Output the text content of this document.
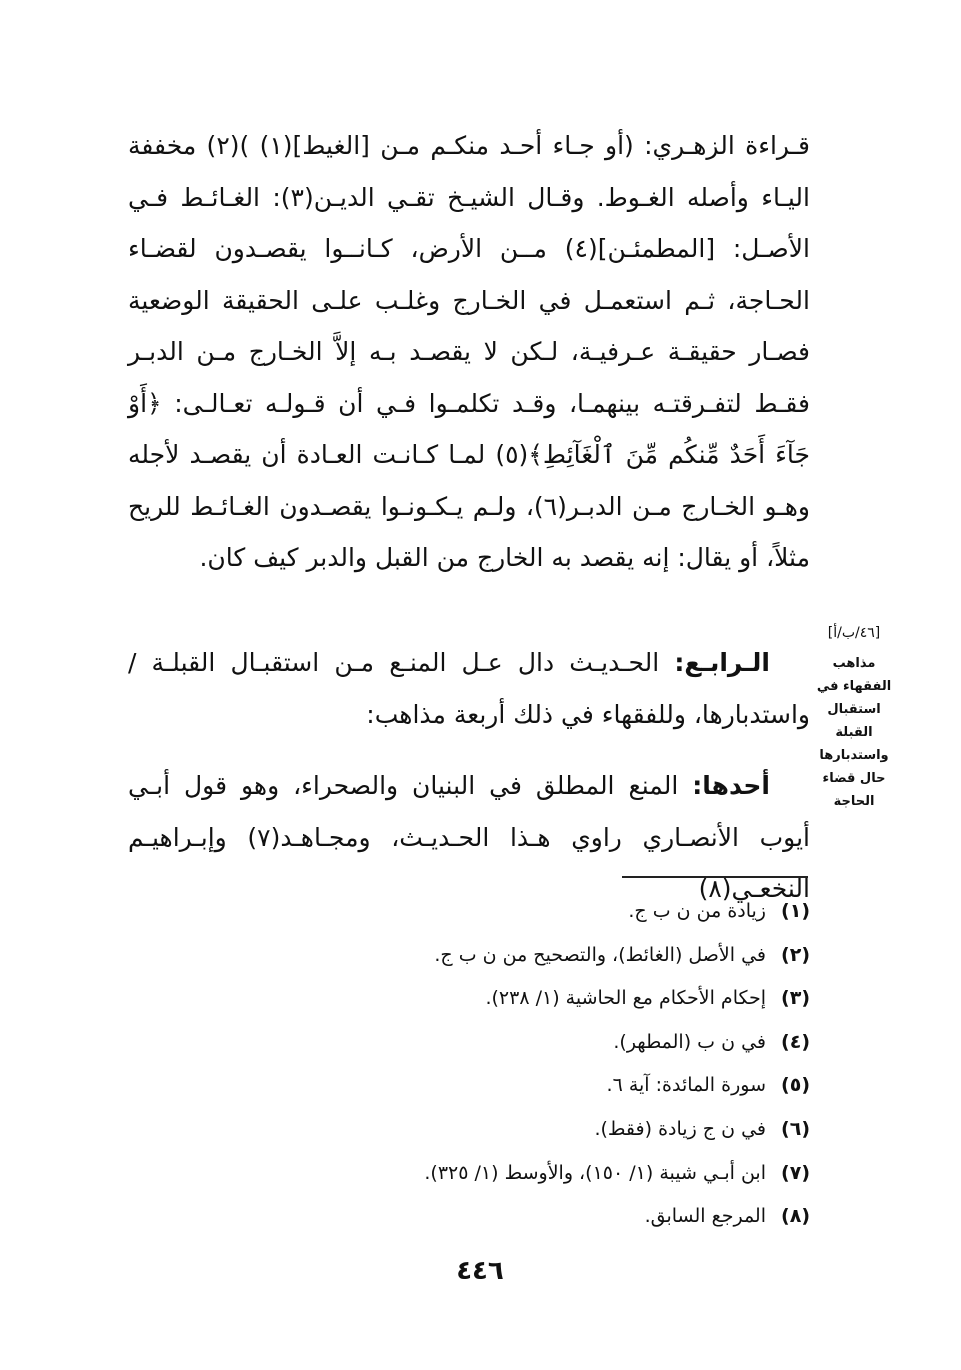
قـراءة الزهـري: (أو جـاء أحـد منكـم مـن [الغيط](١) )(٢) مخففة اليـاء وأصله الغـوط. وقـال الشيـخ تقـي الديـن(٣): الغـائـط فـي الأصـل: [المطمئـن](٤) مــن الأرض، كـانــوا يقصـدون لقضـاء الحـاجة، ثـم استعمـل في الخـارج وغلـب علـى الحقيقة الوضعية فصـار حقيقـة عـرفيـة، لـكن لا يقصـد بـه إلاَّ الخـارج مـن الدبـر فقـط لتفـرقتـه بينهمـا، وقـد تكلمـوا فـي أن قـولـه تعـالـى: ﴿أَوْ جَآءَ أَحَدٌ مِّنكُم مِّنَ ٱلْغَآئِطِ﴾(٥) لمـا كـانـت العـادة أن يقصـد لأجله وهـو الخـارج مـن الدبـر(٦)، ولـم يـكـونـوا يقصـدون الغـائـط للريح مثلاً، أو يقال: إنه يقصد به الخارج من القبل والدبر كيف كان.

الـرابـع: الحـديـث دال عـل المنـع مـن استقبـال القبلـة / واستدبارها، وللفقهاء في ذلك أربعة مذاهب:

أحدها: المنع المطلق في البنيان والصحراء، وهو قول أبـي أيوب الأنصـاري راوي هـذا الحـديـث، ومجـاهـد(٧) وإبـراهيـم النخعـي(٨)

[٤٦/ب/أ]
مذاهب الفقهاء في استقبال القبلة واستدبارها حال قضاء الحاجة
(١)زيادة من ن ب ج.
(٢)في الأصل (الغائط)، والتصحيح من ن ب ج.
(٣)إحكام الأحكام مع الحاشية (١/ ٢٣٨).
(٤)في ن ب (المطهر).
(٥)سورة المائدة: آية ٦.
(٦)في ن ج زيادة (فقط).
(٧)ابن أبـي شيبة (١/ ١٥٠)، والأوسط (١/ ٣٢٥).
(٨)المرجع السابق.
٤٤٦
